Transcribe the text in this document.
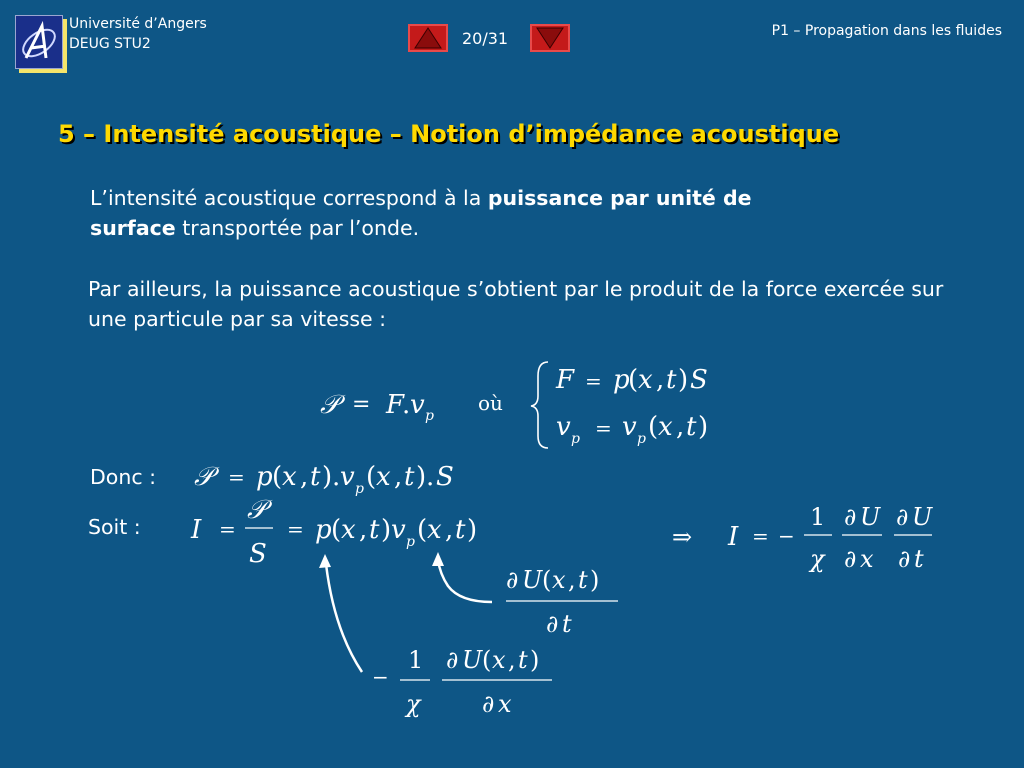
Université d’Angers
DEUG STU2	20/31	P1 – Propagation dans les fluides
5 – Intensité acoustique – Notion d’impédance acoustique
L’intensité acoustique correspond à la puissance par unité de
surface transportée par l’onde.
Par ailleurs, la puissance acoustique s’obtient par le produit de la force exercée sur une particule par sa vitesse :
𝒫 = F
. v p
où
F = p
( x , t ) S
v p = v p ( x , t )
Donc : 𝒫 = p ( x , t ) . v p ( x , t ) . S
Soit : I =
𝒫
S
= p ( x , t ) v p ( x , t )	⇒ I = −
1
χ
∂ U
∂ x
∂ U
∂ t
∂ U ( x , t )
∂ t
−
1
χ
∂ U ( x , t )
∂ x
